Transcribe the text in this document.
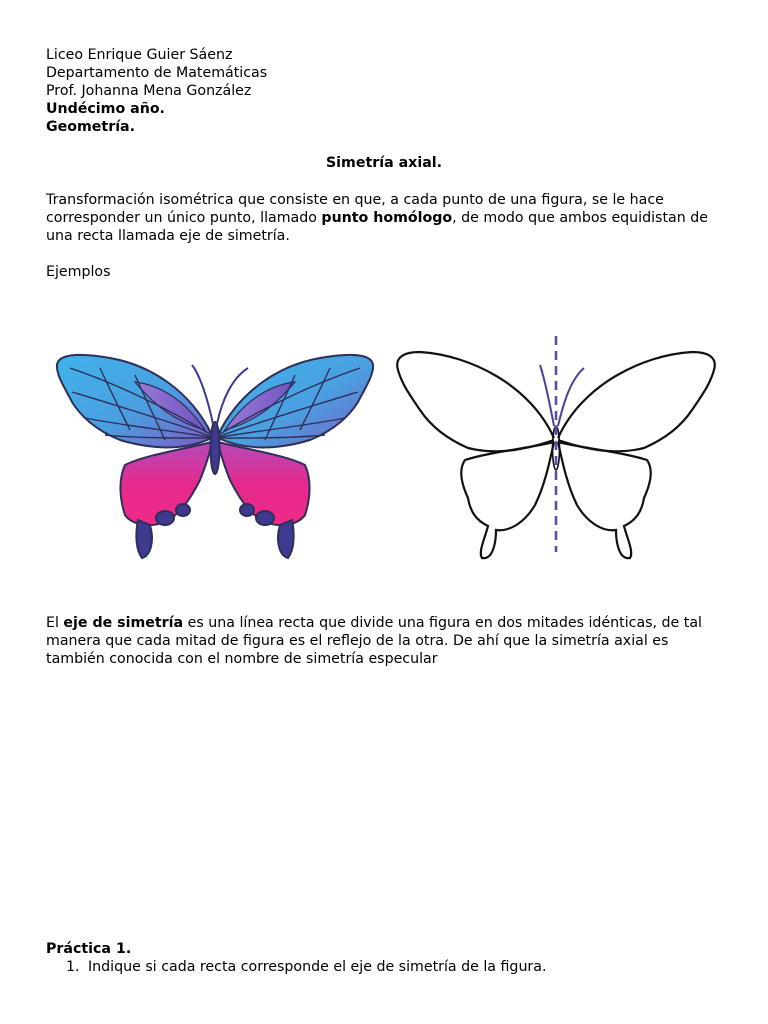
Liceo Enrique Guier Sáenz
Departamento de Matemáticas
Prof. Johanna Mena González
Undécimo año.
Geometría.
Simetría axial.
Transformación isométrica que consiste en que, a cada punto de una figura, se le hace corresponder un único punto, llamado punto homólogo, de modo que ambos equidistan de una recta llamada eje de simetría.
Ejemplos
El eje de simetría es una línea recta que divide una figura en dos mitades idénticas, de tal manera que cada mitad de figura es el reflejo de la otra. De ahí que la simetría axial es también conocida con el nombre de simetría especular
Práctica 1.
1. Indique si cada recta corresponde el eje de simetría de la figura.
